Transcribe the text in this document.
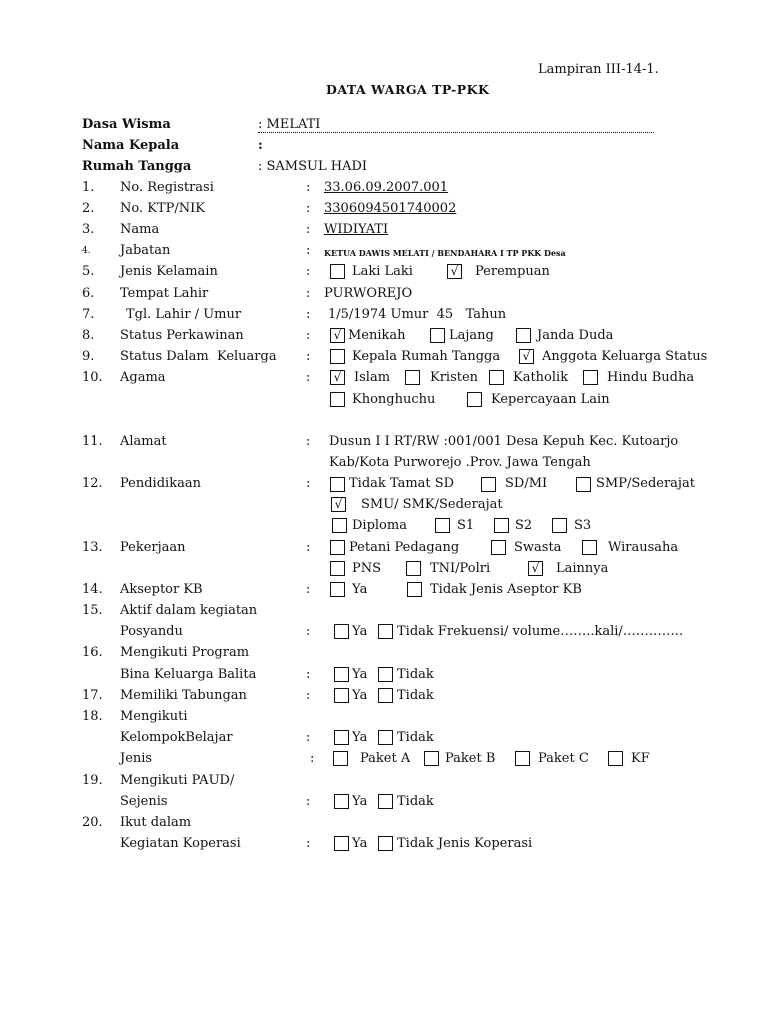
Lampiran III-14-1.
DATA WARGA TP-PKK
Dasa Wisma	: MELATI
Nama Kepala	:
Rumah Tangga	: SAMSUL HADI
1. No. Registrasi	: 33.06.09.2007.001
2. No. KTP/NIK	: 3306094501740002
3. Nama	: WIDIYATI
4. Jabatan	: KETUA DAWIS MELATI / BENDAHARA I TP PKK Desa
5. Jenis Kelamain	:	Laki Laki	√ Perempuan
6. Tempat Lahir	: PURWOREJO
7. Tgl. Lahir / Umur	: 1/5/1974 Umur  45   Tahun
8. Status Perkawinan	:	√ Menikah	Lajang	Janda Duda
9. Status Dalam  Keluarga :	Kepala Rumah Tangga	√ Anggota Keluarga Status
10. Agama	:	√ Islam	Kristen	Katholik	Hindu Budha
Khonghuchu	Kepercayaan Lain
11. Alamat	: Dusun I I RT/RW :001/001 Desa Kepuh Kec. Kutoarjo
Kab/Kota Purworejo .Prov. Jawa Tengah
12. Pendidikaan	:	Tidak Tamat SD	SD/MI	SMP/Sederajat
√ SMU/ SMK/Sederajat
Diploma	S1	S2	S3
13. Pekerjaan	:	Petani Pedagang	Swasta	Wirausaha
PNS	TNI/Polri	√ Lainnya
14. Akseptor KB	:	Ya	Tidak Jenis Aseptor KB
15. Aktif dalam kegiatan
Posyandu	:	Ya Tidak Frekuensi/ volume……..kali/…………..
16. Mengikuti Program
Bina Keluarga Balita	:	Ya Tidak
17. Memiliki Tabungan	:	Ya Tidak
18. Mengikuti
KelompokBelajar	:	Ya Tidak
Jenis	:	Paket A	Paket B	Paket C	KF
19. Mengikuti PAUD/
Sejenis	:	Ya Tidak
20. Ikut dalam
Kegiatan Koperasi	:	Ya Tidak Jenis Koperasi
